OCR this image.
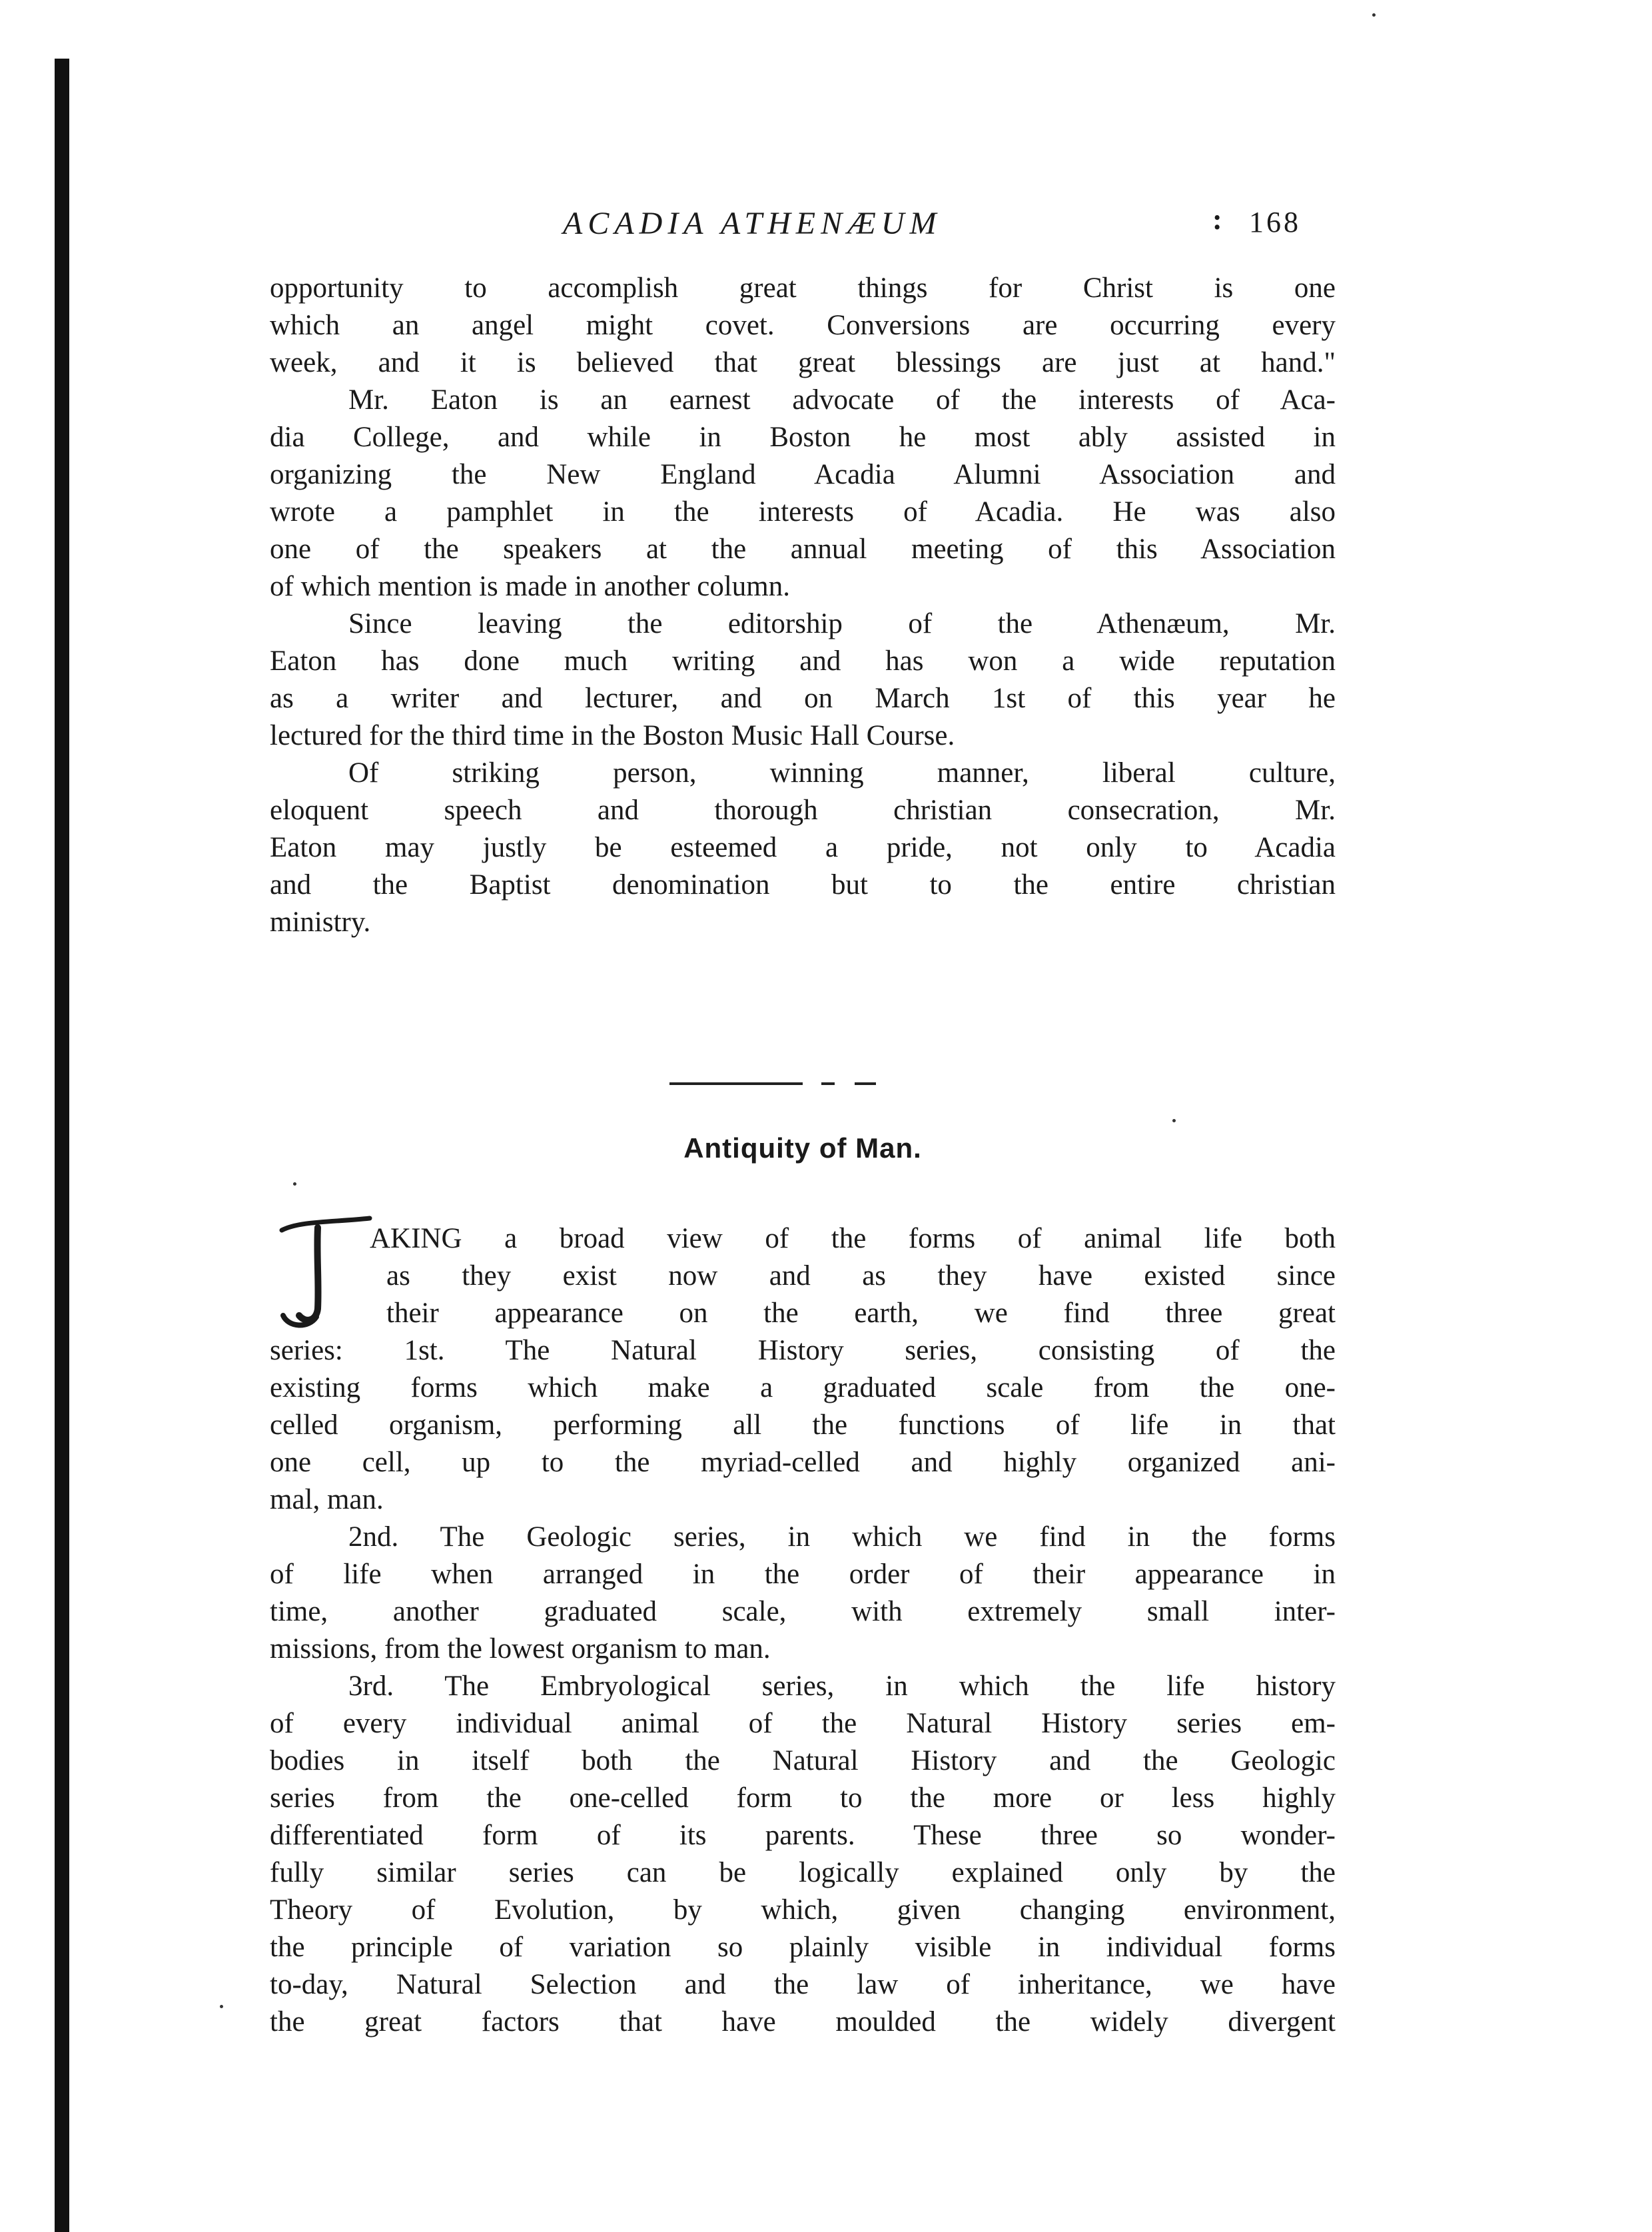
ACADIA ATHENÆUM
:	168
opportunity to accomplish great things for Christ is one
which an angel might covet. Conversions are occurring every
week, and it is believed that great blessings are just at hand."
Mr. Eaton is an earnest advocate of the interests of Aca-
dia College, and while in Boston he most ably assisted in
organizing the New England Acadia Alumni Association and
wrote a pamphlet in the interests of Acadia. He was also
one of the speakers at the annual meeting of this Association
of which mention is made in another column.
Since leaving the editorship of the Athenæum, Mr.
Eaton has done much writing and has won a wide reputation
as a writer and lecturer, and on March 1st of this year he
lectured for the third time in the Boston Music Hall Course.
Of striking person, winning manner, liberal culture,
eloquent speech and thorough christian consecration, Mr.
Eaton may justly be esteemed a pride, not only to Acadia
and the Baptist denomination but to the entire christian
ministry.
Antiquity of Man.
AKING a broad view of the forms of animal life both
as they exist now and as they have existed since
their appearance on the earth, we find three great
series: 1st. The Natural History series, consisting of the
existing forms which make a graduated scale from the one-
celled organism, performing all the functions of life in that
one cell, up to the myriad-celled and highly organized ani-
mal, man.
2nd. The Geologic series, in which we find in the forms
of life when arranged in the order of their appearance in
time, another graduated scale, with extremely small inter-
missions, from the lowest organism to man.
3rd. The Embryological series, in which the life history
of every individual animal of the Natural History series em-
bodies in itself both the Natural History and the Geologic
series from the one-celled form to the more or less highly
differentiated form of its parents. These three so wonder-
fully similar series can be logically explained only by the
Theory of Evolution, by which, given changing environment,
the principle of variation so plainly visible in individual forms
to-day, Natural Selection and the law of inheritance, we have
the great factors that have moulded the widely divergent
